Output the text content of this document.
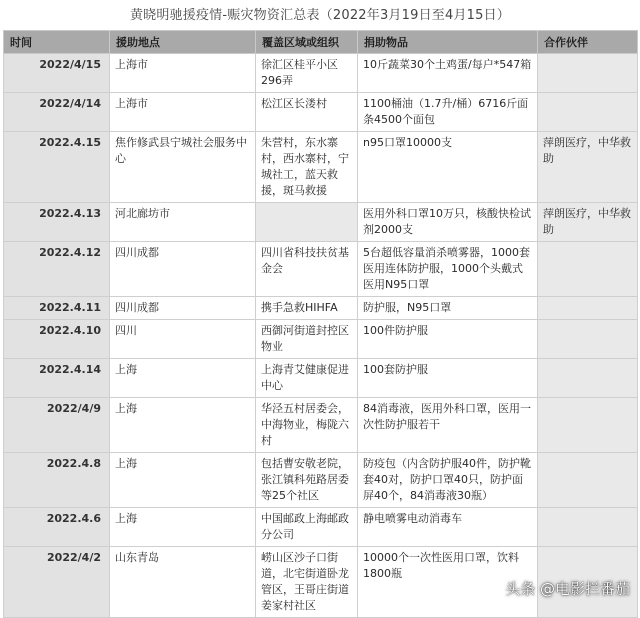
黄晓明驰援疫情-赈灾物资汇总表（2022年3月19日至4月15日）
时间	援助地点	覆盖区域或组织	捐助物品	合作伙伴
2022/4/15	上海市	徐汇区桂平小区296弄	10斤蔬菜30个土鸡蛋/每户*547箱	
2022/4/14	上海市	松江区长溇村	1100桶油（1.7升/桶）6716斤面条4500个面包	
2022.4.15	焦作修武县宁城社会服务中心	朱营村，东水寨村，西水寨村，宁城社工，蓝天救援，斑马救援	n95口罩10000支	萍朗医疗，中华救助
2022.4.13	河北廊坊市		医用外科口罩10万只，核酸快检试剂2000支	萍朗医疗，中华救助
2022.4.12	四川成都	四川省科技扶贫基金会	5台超低容量消杀喷雾器，1000套医用连体防护服，1000个头戴式医用N95口罩	
2022.4.11	四川成都	携手急救HIHFA	防护服，N95口罩	
2022.4.10	四川	西御河街道封控区物业	100件防护服	
2022.4.14	上海	上海青艾健康促进中心	100套防护服	
2022/4/9	上海	华泾五村居委会，中海物业，梅陇六村	84消毒液，医用外科口罩，医用一次性防护服若干	
2022.4.8	上海	包括曹安敬老院，张江镇科苑路居委等25个社区	防疫包（内含防护服40件，防护靴套40对，防护口罩40只，防护面屏40个，84消毒液30瓶）	
2022.4.6	上海	中国邮政上海邮政分公司	静电喷雾电动消毒车	
2022/4/2	山东青岛	崂山区沙子口街道，北宅街道卧龙管区，王哥庄街道姜家村社区	10000个一次性医用口罩，饮料1800瓶	
头条 @电影拦番茄
